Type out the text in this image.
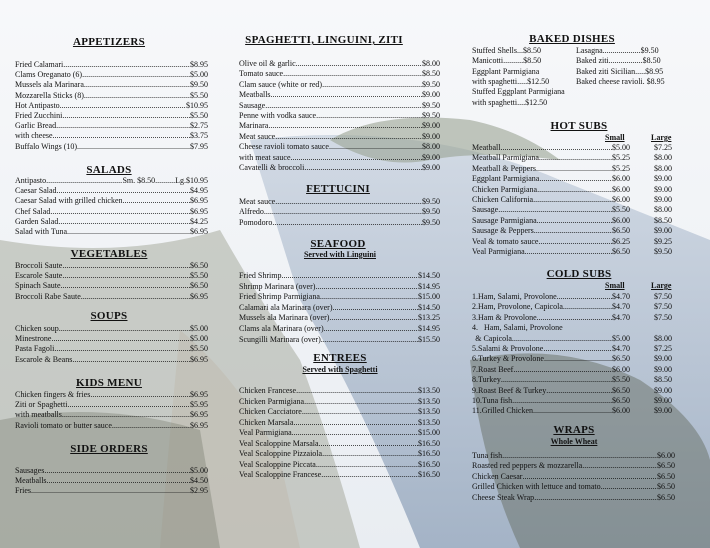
APPETIZERS
Fried Calamari .....	$8.95
Clams Oreganato (6) .....	$5.00
Mussels ala Marinara .....	$9.50
Mozzarella Sticks (8) .....	$5.50
Hot Antipasto .....	$10.95
Fried Zucchini .....	$5.50
Garlic Bread .....	$2.75
with cheese .....	$3.75
Buffalo Wings (10) .....	$7.95
SALADS
Antipasto .....	Sm. $8.50..........Lg.$10.95
Caesar Salad .....	$4.95
Caesar Salad with grilled chicken .....	$6.95
Chef Salad .....	$6.95
Garden Salad .....	$4.25
Salad with Tuna .....	$6.95
VEGETABLES
Broccoli Saute .....	$6.50
Escarole Saute .....	$5.50
Spinach Saute .....	$6.50
Broccoli Rabe Saute .....	$6.95
SOUPS
Chicken soup .....	$5.00
Minestrone .....	$5.00
Pasta Fagoli .....	$5.50
Escarole & Beans .....	$6.95
KIDS MENU
Chicken fingers & fries .....	$6.95
Ziti or Spaghetti .....	$5.95
with meatballs .....	$6.95
Ravioli tomato or butter sauce .....	$6.95
SIDE ORDERS
Sausages .....	$5.00
Meatballs .....	$4.50
Fries .....	$2.95
SPAGHETTI, LINGUINI, ZITI
Olive oil & garlic .....	$8.00
Tomato sauce .....	$8.50
Clam sauce (white or red) .....	$9.50
Meatballs .....	$9.00
Sausage .....	$9.50
Penne with vodka sauce .....	$9.50
Marinara .....	$9.00
Meat sauce .....	$9.00
Cheese ravioli tomato sauce .....	$8.00
with meat sauce .....	$9.00
Cavatelli & broccoli .....	$9.00
FETTUCINI
Meat sauce .....	$9.50
Alfredo .....	$9.50
Pomodoro .....	$9.50
SEAFOOD
Served with Linguini
Fried Shrimp .....	$14.50
Shrimp Marinara (over) .....	$14.95
Fried Shrimp Parmigiana .....	$15.00
Calamari ala Marinara (over) .....	$14.50
Mussels ala Marinara (over) .....	$13.25
Clams ala Marinara (over) .....	$14.95
Scungilli Marinara (over) .....	$15.50
ENTREES
Served with Spaghetti
Chicken Francese .....	$13.50
Chicken Parmigiana .....	$13.50
Chicken Cacciatore .....	$13.50
Chicken Marsala .....	$13.50
Veal Parmigiana .....	$15.00
Veal Scaloppine Marsala .....	$16.50
Veal Scaloppine Pizzaiola .....	$16.50
Veal Scaloppine Piccata .....	$16.50
Veal Scaloppine Francese .....	$16.50
BAKED DISHES
Stuffed Shells...$8.50
Manicotti..........$8.50
Eggplant Parmigiana
with spaghetti.....$12.50
Stuffed Eggplant Parmigiana
with spaghetti....$12.50
Lasagna...................$9.50
Baked ziti.................$8.50
Baked ziti Sicilian.....$8.95
Baked cheese ravioli. $8.95
HOT SUBS
Small	Large
Meatball .....	$5.00	$7.25
Meatball Parmigiana .....	$5.25	$8.00
Meatball & Peppers .....	$5.25	$8.00
Eggplant Parmigiana .....	$6.00	$9.00
Chicken Parmigiana .....	$6.00	$9.00
Chicken California .....	$6.00	$9.00
Sausage .....	$5.50	$8.00
Sausage Parmigiana .....	$6.00	$8.50
Sausage & Peppers .....	$6.50	$9.00
Veal & tomato sauce .....	$6.25	$9.25
Veal Parmigiana .....	$6.50	$9.50
COLD SUBS
Small	Large
1. Ham, Salami, Provolone .....	$4.70	$7.50
2. Ham, Provolone, Capicola .....	$4.70	$7.50
3. Ham & Provolone .....	$4.70	$7.50
4. Ham, Salami, Provolone
& Capicola .....	$5.00	$8.00
5. Salami & Provolone .....	$4.70	$7.25
6. Turkey & Provolone .....	$6.50	$9.00
7. Roast Beef .....	$6.00	$9.00
8. Turkey .....	$5.50	$8.50
9. Roast Beef & Turkey .....	$6.50	$9.00
10. Tuna fish .....	$6.50	$9.00
11. Grilled Chicken .....	$6.00	$9.00
WRAPS
Whole Wheat
Tuna fish .....	$6.00
Roasted red peppers & mozzarella .....	$6.50
Chicken Caesar .....	$6.50
Grilled Chicken with lettuce and tomato .....	$6.50
Cheese Steak Wrap .....	$6.50
